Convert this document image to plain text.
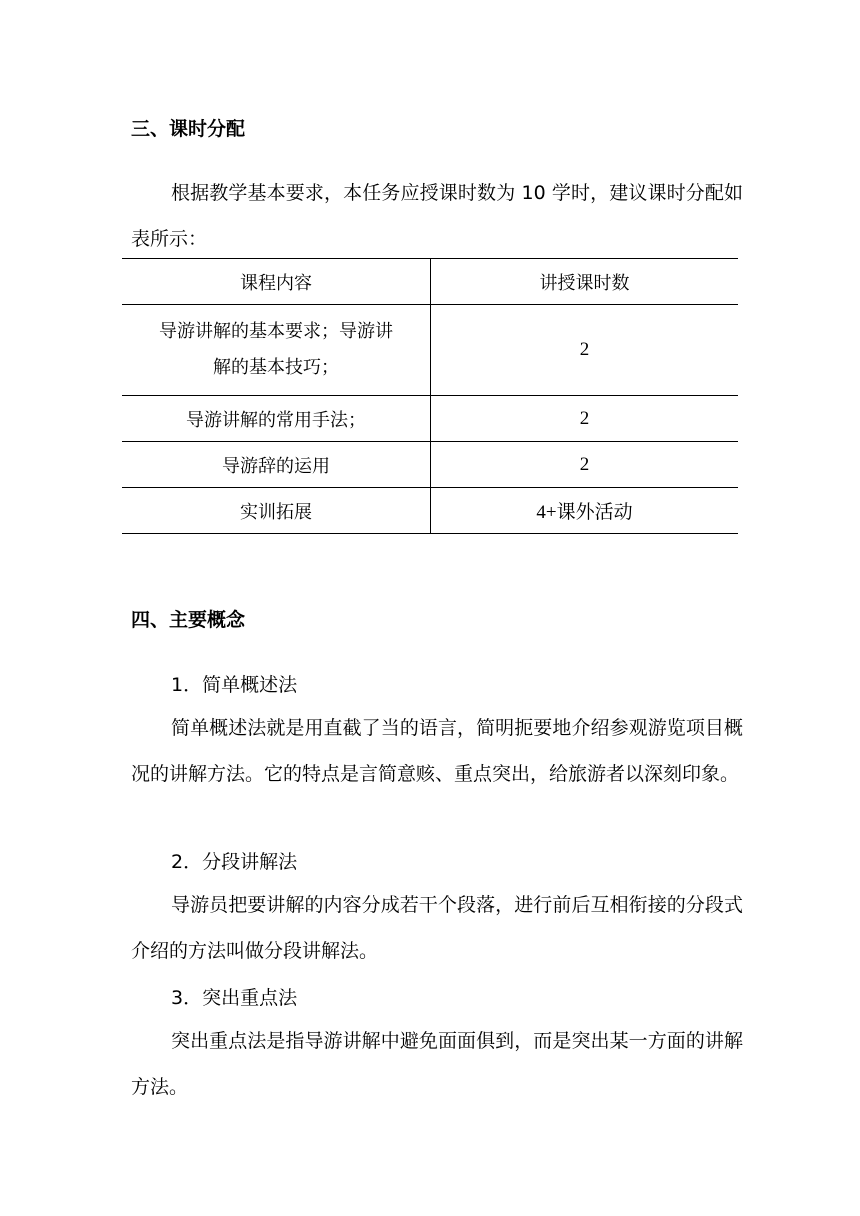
三、课时分配

根据教学基本要求，本任务应授课时数为 10 学时，建议课时分配如表所示：

课程内容	讲授课时数

导游讲解的基本要求；导游讲解的基本技巧；	2
导游讲解的常用手法；	2
导游辞的运用	2
实训拓展	4+课外活动
四、主要概念
1．简单概述法

简单概述法就是用直截了当的语言，简明扼要地介绍参观游览项目概况的讲解方法。它的特点是言简意赅、重点突出，给旅游者以深刻印象。

2．分段讲解法

导游员把要讲解的内容分成若干个段落，进行前后互相衔接的分段式介绍的方法叫做分段讲解法。

3．突出重点法

突出重点法是指导游讲解中避免面面俱到，而是突出某一方面的讲解方法。
